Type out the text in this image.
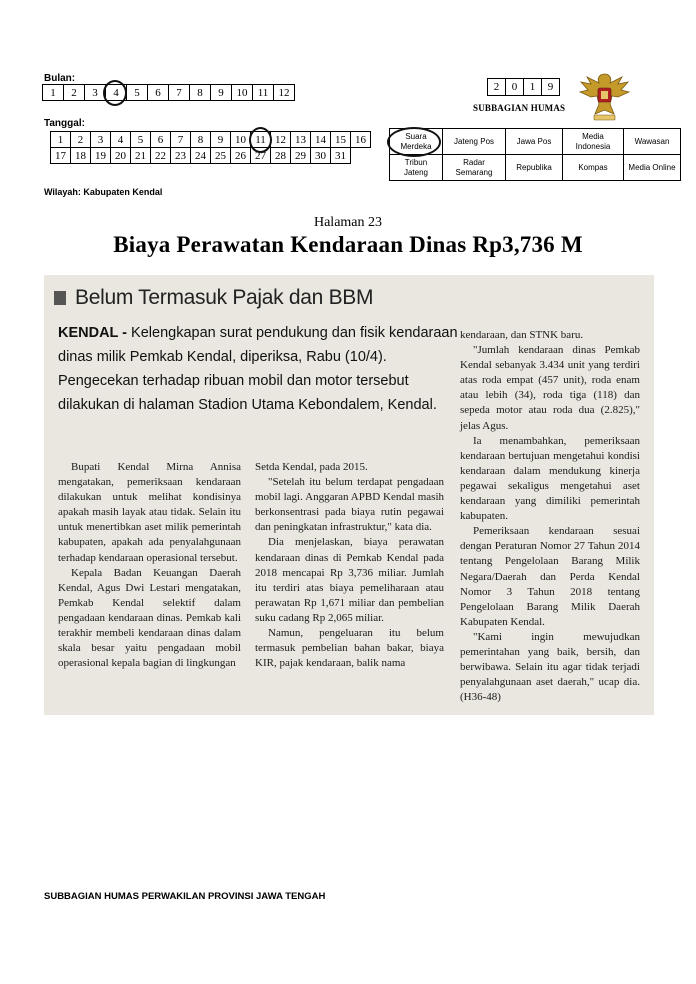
Bulan:
1	2	3	4	5	6	7	8	9	10	11	12
Tanggal:
1	2	3	4	5	6	7	8	9	10	11	12	13	14	15	16
17	18	19	20	21	22	23	24	25	26	27	28	29	30	31	
2	0	1	9
SUBBAGIAN HUMAS
Suara Merdeka	Jateng Pos	Jawa Pos	Media Indonesia	Wawasan
Tribun Jateng	Radar Semarang	Republika	Kompas	Media Online
Wilayah: Kabupaten Kendal
Halaman 23
Biaya Perawatan Kendaraan Dinas Rp3,736 M
Belum Termasuk Pajak dan BBM
KENDAL - Kelengkapan surat pendukung dan fisik kendaraan dinas milik Pemkab Kendal, diperiksa, Rabu (10/4). Pengecekan terhadap ribuan mobil dan motor tersebut dilakukan di halaman Stadion Utama Kebondalem, Kendal.

Bupati Kendal Mirna Annisa mengatakan, pemeriksaan kendaraan dilakukan untuk melihat kondisinya apakah masih layak atau tidak. Selain itu untuk menertibkan aset milik pemerintah kabupaten, apakah ada penyalahgunaan terhadap kendaraan operasional tersebut.

Kepala Badan Keuangan Daerah Kendal, Agus Dwi Lestari mengatakan, Pemkab Kendal selektif dalam pengadaan kendaraan dinas. Pemkab kali terakhir membeli kendaraan dinas dalam skala besar yaitu pengadaan mobil operasional kepala bagian di lingkungan

Setda Kendal, pada 2015.

"Setelah itu belum terdapat pengadaan mobil lagi. Anggaran APBD Kendal masih berkonsentrasi pada biaya rutin pegawai dan peningkatan infrastruktur," kata dia.

Dia menjelaskan, biaya perawatan kendaraan dinas di Pemkab Kendal pada 2018 mencapai Rp 3,736 miliar. Jumlah itu terdiri atas biaya pemeliharaan atau perawatan Rp 1,671 miliar dan pembelian suku cadang Rp 2,065 miliar.

Namun, pengeluaran itu belum termasuk pembelian bahan bakar, biaya KIR, pajak kendaraan, balik nama

kendaraan, dan STNK baru.

"Jumlah kendaraan dinas Pemkab Kendal sebanyak 3.434 unit yang terdiri atas roda empat (457 unit), roda enam atau lebih (34), roda tiga (118) dan sepeda motor atau roda dua (2.825)," jelas Agus.

Ia menambahkan, pemeriksaan kendaraan bertujuan mengetahui kondisi kendaraan dalam mendukung kinerja pegawai sekaligus mengetahui aset kendaraan yang dimiliki pemerintah kabupaten.

Pemeriksaan kendaraan sesuai dengan Peraturan Nomor 27 Tahun 2014 tentang Pengelolaan Barang Milik Negara/Daerah dan Perda Kendal Nomor 3 Tahun 2018 tentang Pengelolaan Barang Milik Daerah Kabupaten Kendal.

"Kami ingin mewujudkan pemerintahan yang baik, bersih, dan berwibawa. Selain itu agar tidak terjadi penyalahgunaan aset daerah," ucap dia. (H36-48)

SUBBAGIAN HUMAS PERWAKILAN PROVINSI JAWA TENGAH
